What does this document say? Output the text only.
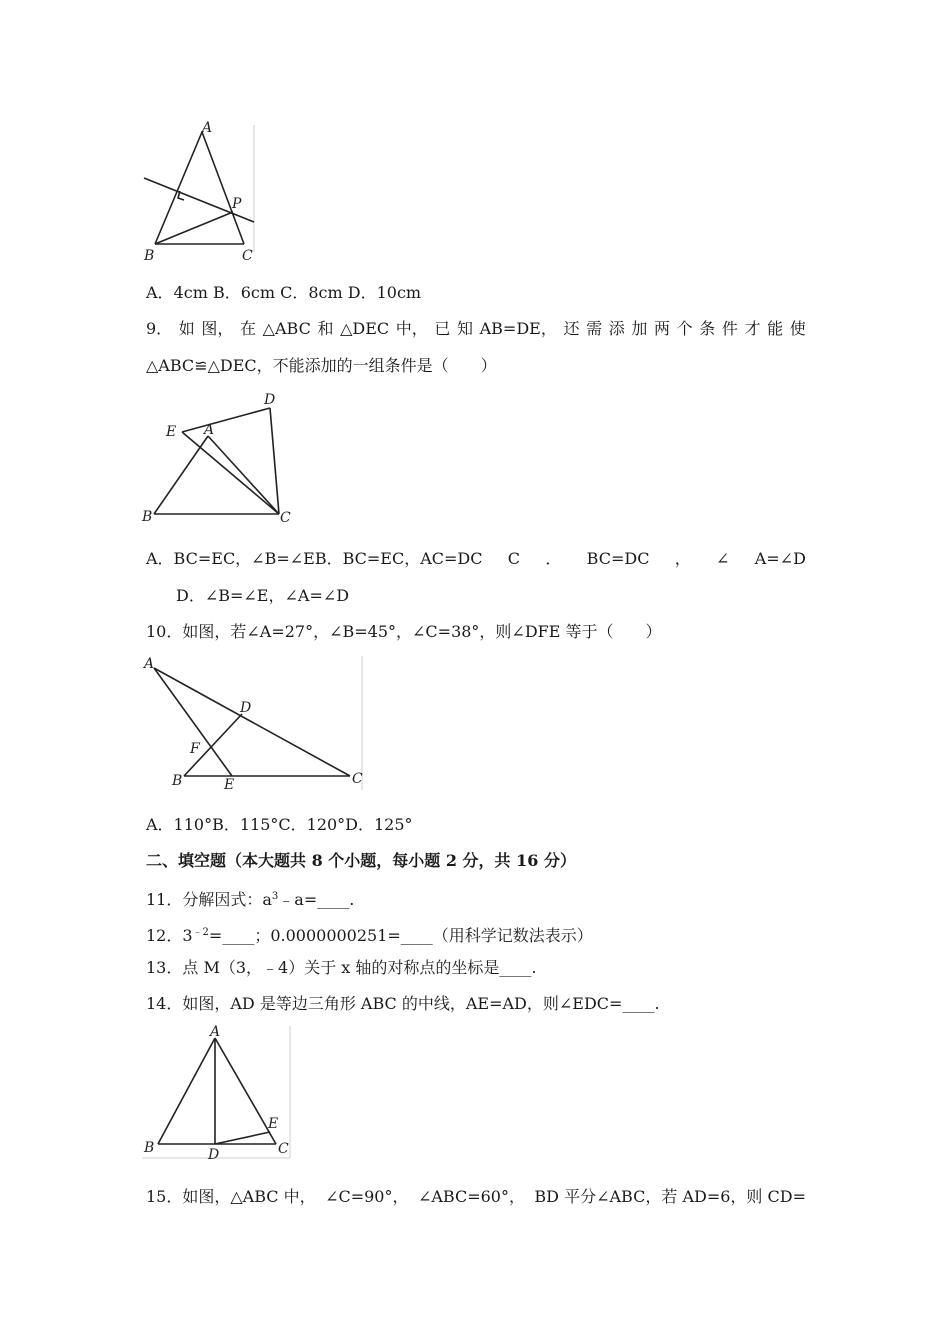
A
B	C
P
A．4cm B．6cm C．8cm D．10cm
9． 如 图， 在 △ABC 和 △DEC 中， 已 知 AB=DE， 还 需 添 加 两 个 条 件 才 能 使
△ABC≌△DEC，不能添加的一组条件是（　　）
D
E A
B	C
A．BC=EC，∠B=∠EB．BC=EC，AC=DC C ． BC=DC ， ∠ A=∠D
D．∠B=∠E，∠A=∠D
10．如图，若∠A=27°，∠B=45°，∠C=38°，则∠DFE 等于（　　）
A
D
F
B	E	C
A．110°B．115°C．120°D．125°
二、填空题（本大题共 8 个小题，每小题 2 分，共 16 分）
11．分解因式：$a^3﹣a=\_\_\_\_$.
12．$3^{﹣2}=\_\_\_\_$；0.0000000251=____（用科学记数法表示）
13．点 M（3，﹣4）关于 x 轴的对称点的坐标是____.
14．如图，AD 是等边三角形 ABC 的中线，AE=AD，则∠EDC=____.
A
B	D
E
C
15．如图，△ABC 中， ∠C=90°， ∠ABC=60°， BD 平分∠ABC，若 AD=6，则 CD=
